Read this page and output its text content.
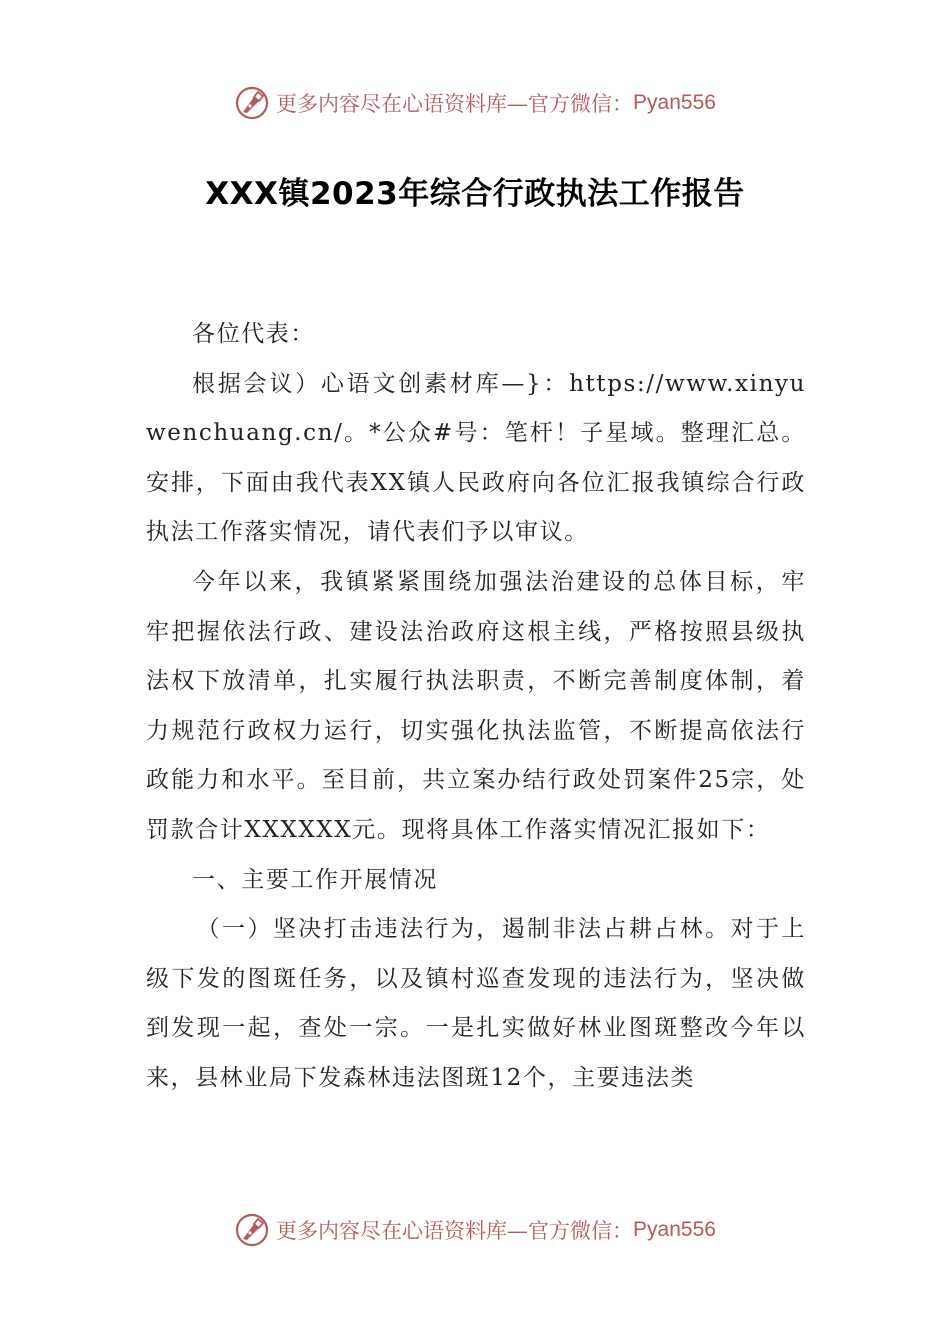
更多内容尽在心语资料库—官方微信： Pyan556
XXX镇2023年综合行政执法工作报告

各位代表：

根据会议）心语文创素材库—}：https://www.xinyuwenchuang.cn/。*公众#号：笔杆！子星域。整理汇总。安排，下面由我代表XX镇人民政府向各位汇报我镇综合行政执法工作落实情况，请代表们予以审议。

今年以来，我镇紧紧围绕加强法治建设的总体目标，牢牢把握依法行政、建设法治政府这根主线，严格按照县级执法权下放清单，扎实履行执法职责，不断完善制度体制，着力规范行政权力运行，切实强化执法监管，不断提高依法行政能力和水平。至目前，共立案办结行政处罚案件25宗，处罚款合计XXXXXX元。现将具体工作落实情况汇报如下：

一、主要工作开展情况

（一）坚决打击违法行为，遏制非法占耕占林。对于上级下发的图斑任务，以及镇村巡查发现的违法行为，坚决做到发现一起，查处一宗。一是扎实做好林业图斑整改今年以来，县林业局下发森林违法图斑12个，主要违法类

更多内容尽在心语资料库—官方微信： Pyan556
